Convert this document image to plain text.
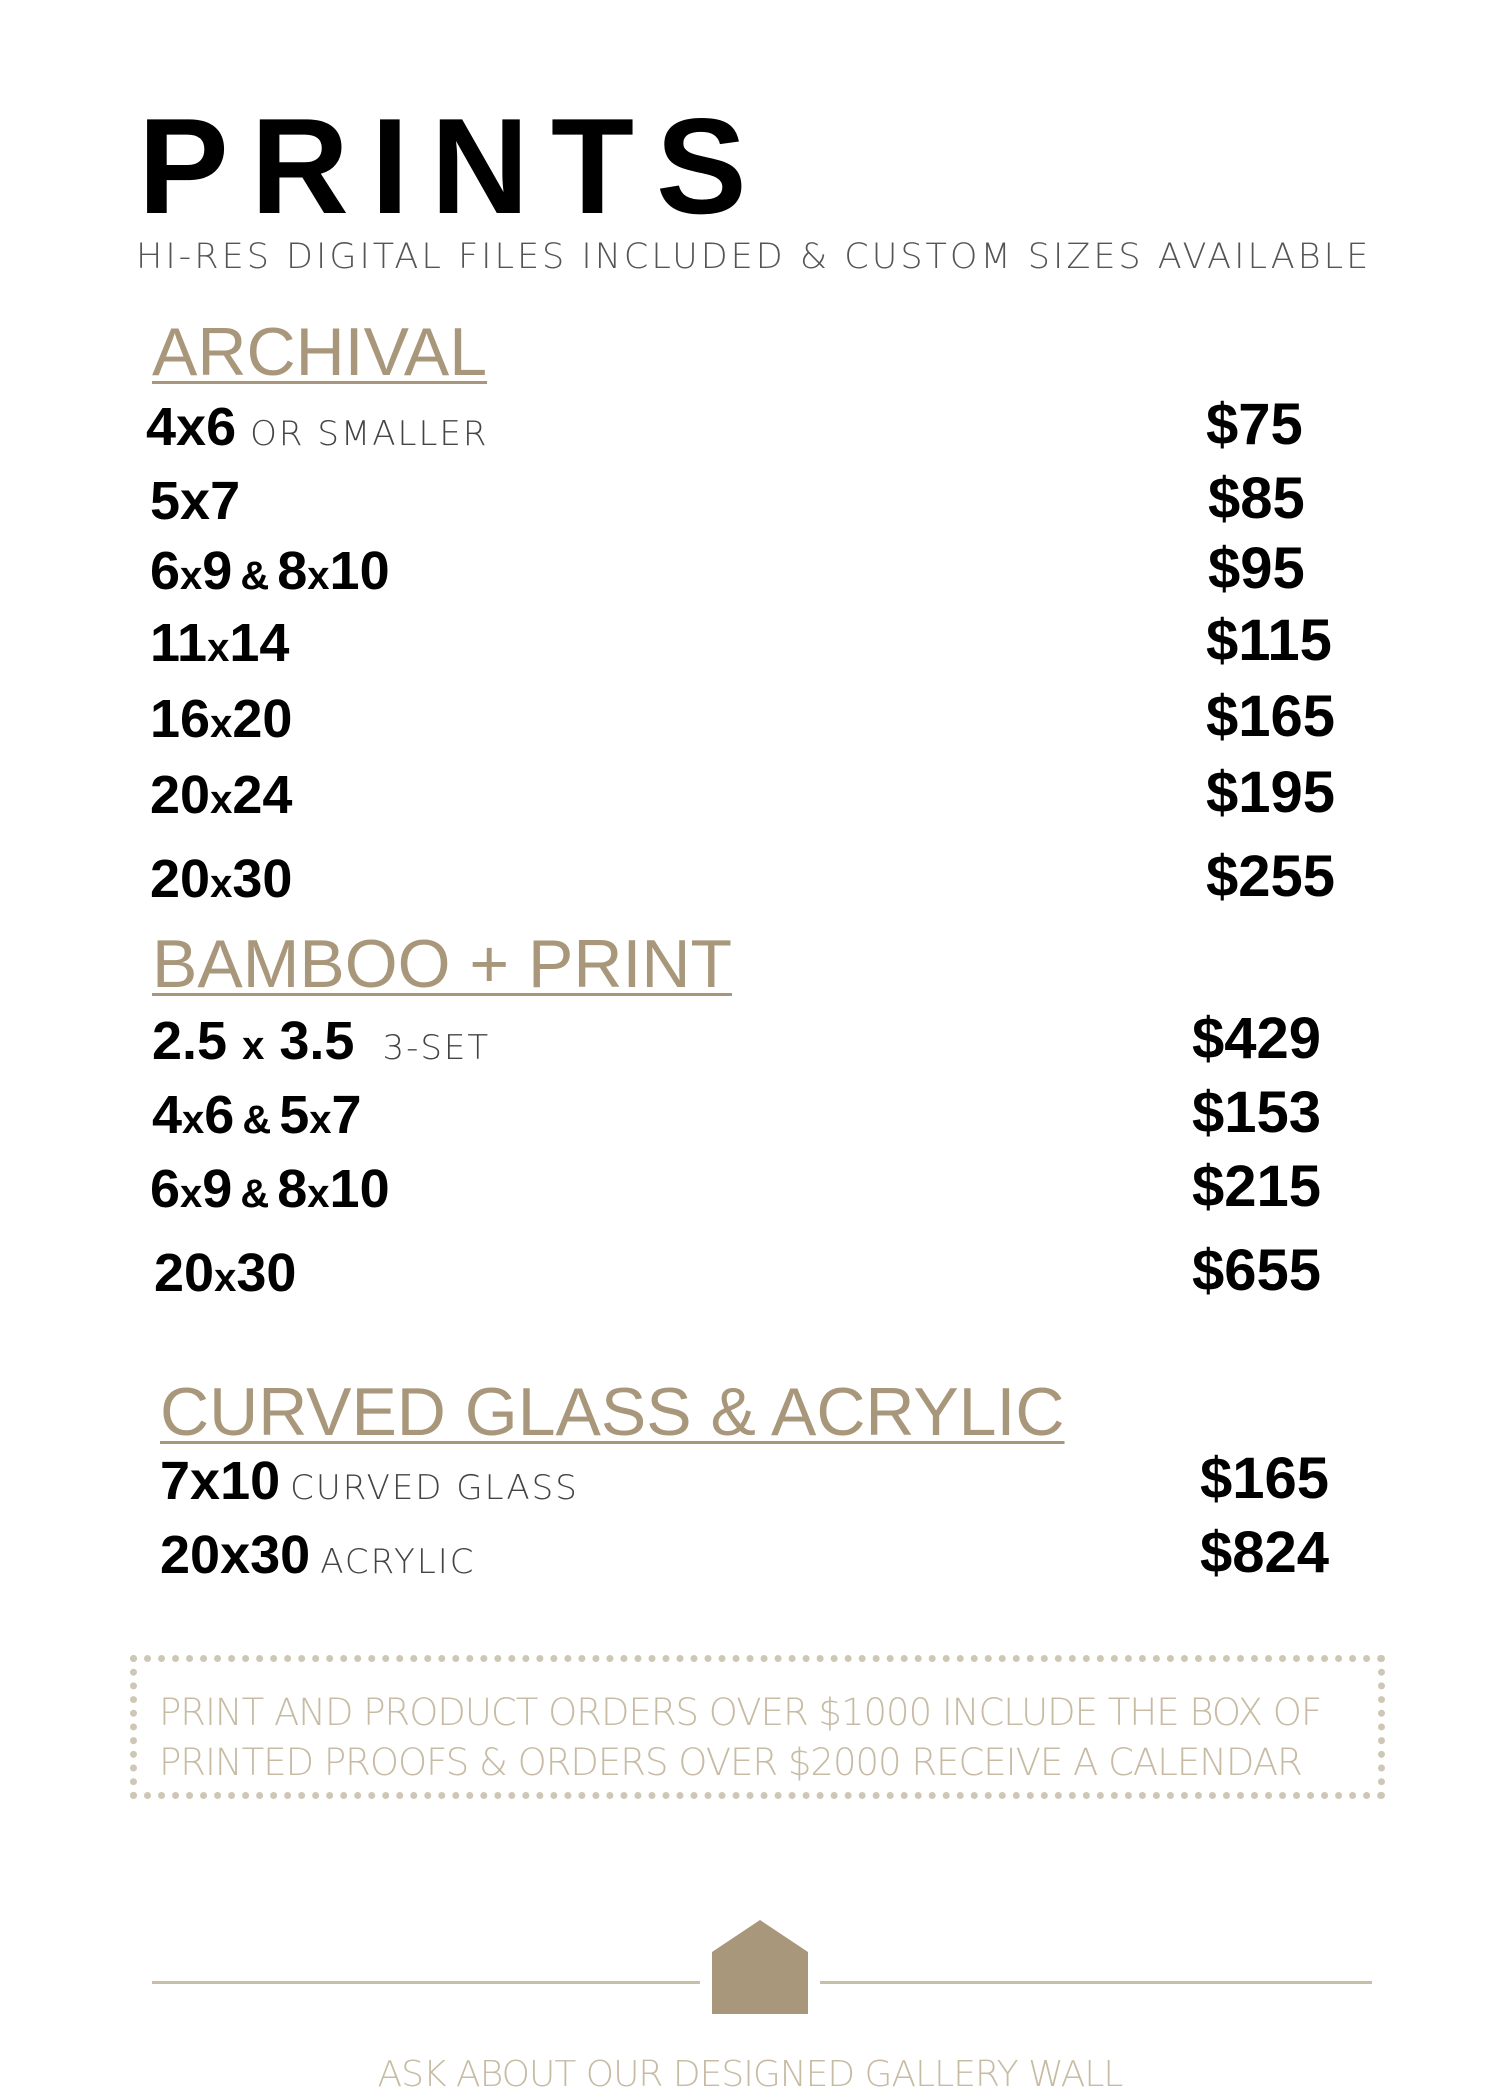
PRINTS
HI-RES DIGITAL FILES INCLUDED & CUSTOM SIZES AVAILABLE
ARCHIVAL
4x6 OR SMALLER	$75
5x7	$85
6x9 & 8x10	$95
11x14	$115
16x20	$165
20x24	$195
20x30	$255
BAMBOO + PRINT
2.5 x 3.5 3-SET	$429
4x6 & 5x7	$153
6x9 & 8x10	$215
20x30	$655
CURVED GLASS & ACRYLIC
7x10 CURVED GLASS	$165
20x30 ACRYLIC	$824
PRINT AND PRODUCT ORDERS OVER $1000 INCLUDE THE BOX OF
PRINTED PROOFS & ORDERS OVER $2000 RECEIVE A CALENDAR
ASK ABOUT OUR DESIGNED GALLERY WALL
